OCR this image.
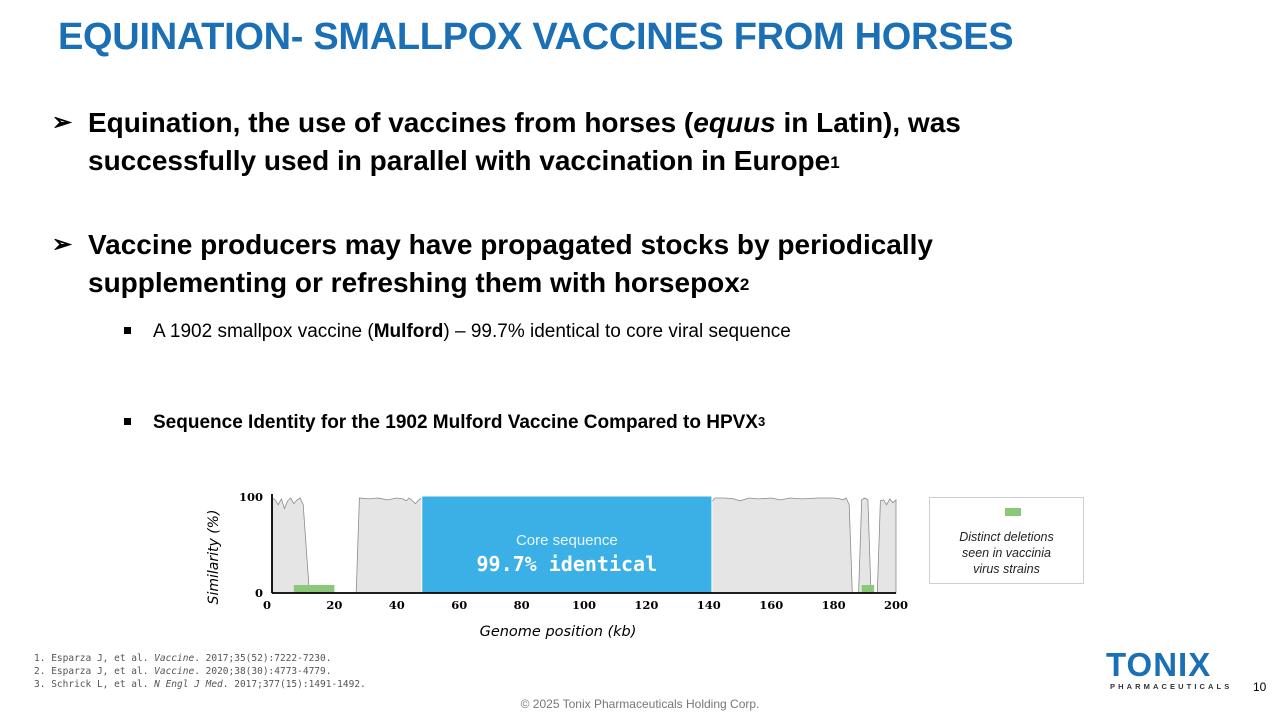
EQUINATION- SMALLPOX VACCINES FROM HORSES
➢ Equination, the use of vaccines from horses (equus in Latin), was
successfully used in parallel with vaccination in Europe$^1$
➢ Vaccine producers may have propagated stocks by periodically
supplementing or refreshing them with horsepox$^2$
A 1902 smallpox vaccine (Mulford) – 99.7% identical to core viral sequence
Sequence Identity for the 1902 Mulford Vaccine Compared to HPVX$^3$
Core sequence
99.7% identical
0	20	40	60	80	100	120	140	160	180	200
0
100
Genome position (kb)
Similarity (%)	Distinct deletions
seen in vaccinia
virus strains
1. Esparza J, et al. Vaccine. 2017;35(52):7222-7230.
2. Esparza J, et al. Vaccine. 2020;38(30):4773-4779.
3. Schrick L, et al. N Engl J Med. 2017;377(15):1491-1492.
© 2025 Tonix Pharmaceuticals Holding Corp.
TONIX
PHARMACEUTICALS 10
